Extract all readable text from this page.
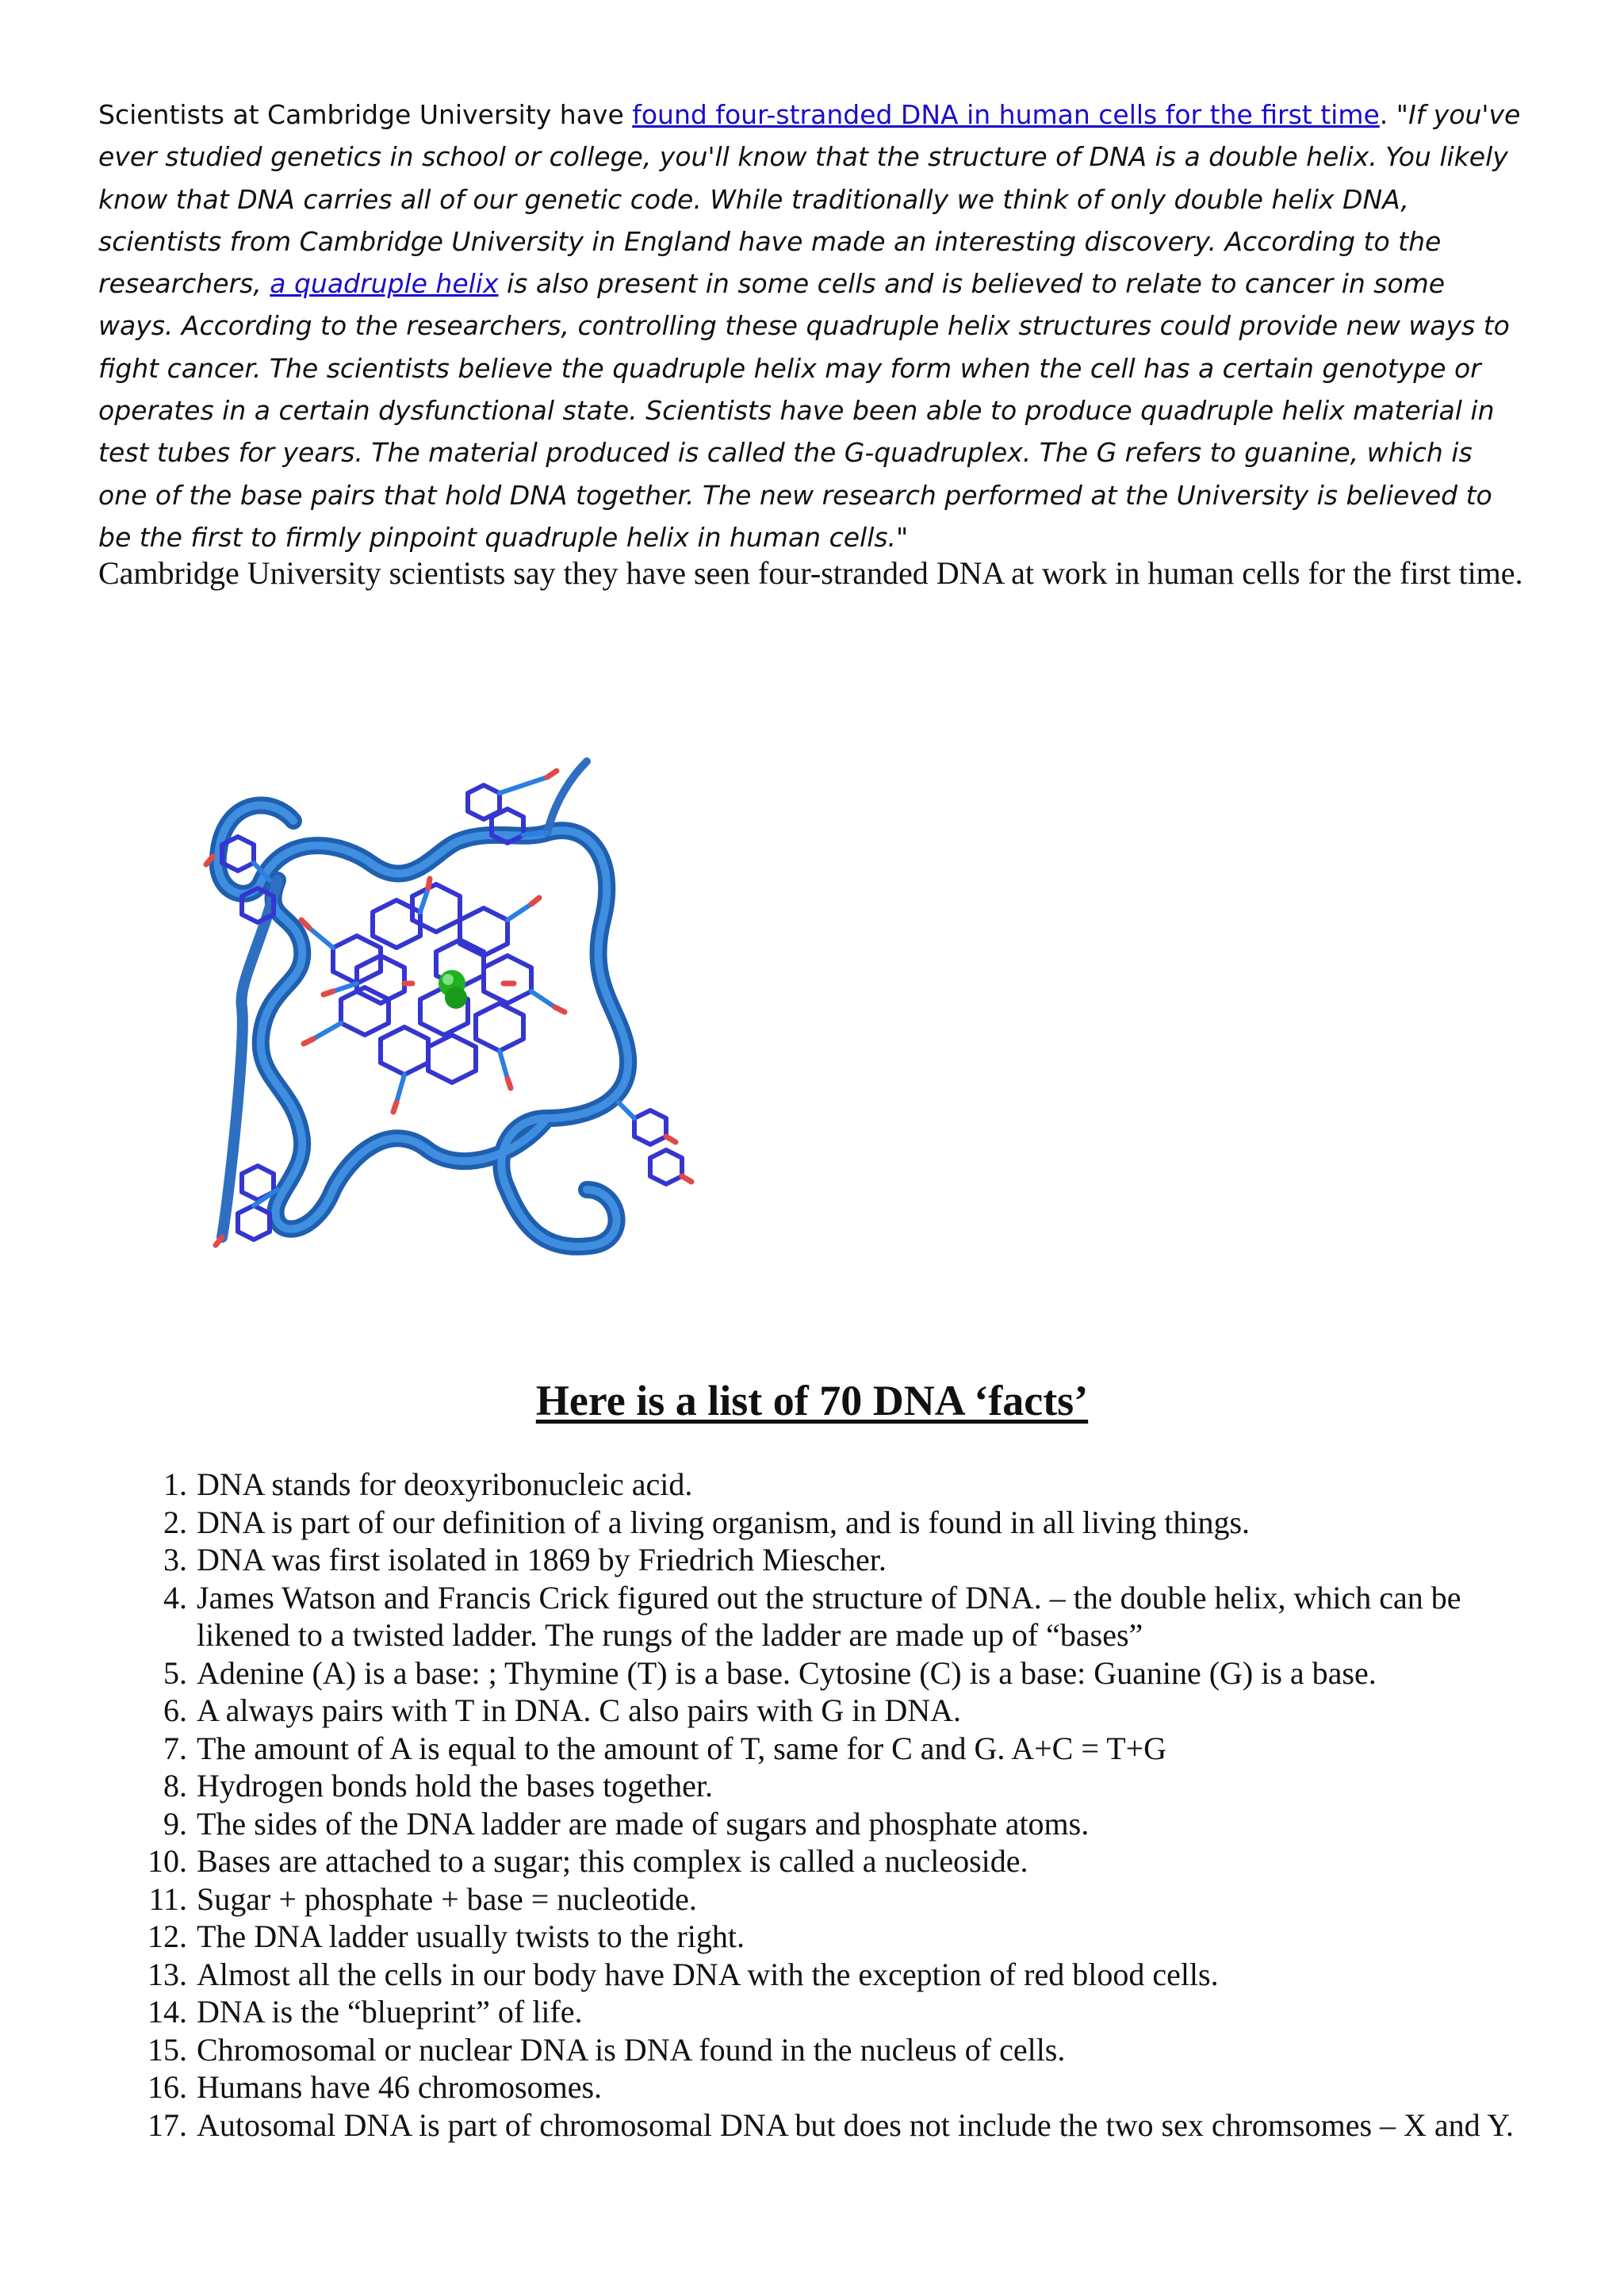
Scientists at Cambridge University have found four-stranded DNA in human cells for the first time. "If you've ever studied genetics in school or college, you'll know that the structure of DNA is a double helix. You likely know that DNA carries all of our genetic code. While traditionally we think of only double helix DNA, scientists from Cambridge University in England have made an interesting discovery. According to the researchers, a quadruple helix is also present in some cells and is believed to relate to cancer in some ways. According to the researchers, controlling these quadruple helix structures could provide new ways to fight cancer. The scientists believe the quadruple helix may form when the cell has a certain genotype or operates in a certain dysfunctional state. Scientists have been able to produce quadruple helix material in test tubes for years. The material produced is called the G-quadruplex. The G refers to guanine, which is one of the base pairs that hold DNA together. The new research performed at the University is believed to be the first to firmly pinpoint quadruple helix in human cells."

Cambridge University scientists say they have seen four-stranded DNA at work in human cells for the first time.

Here is a list of 70 DNA ‘facts’
1 . DNA stands for deoxyribonucleic acid.
2 . DNA is part of our definition of a living organism, and is found in all living things.
3 . DNA was first isolated in 1869 by Friedrich Miescher.
4 . James Watson and Francis Crick figured out the structure of DNA. – the double helix, which can be likened to a twisted ladder. The rungs of the ladder are made up of “bases”
5 . Adenine (A) is a base: ; Thymine (T) is a base. Cytosine (C) is a base: Guanine (G) is a base.
6 . A always pairs with T in DNA. C also pairs with G in DNA.
7 . The amount of A is equal to the amount of T, same for C and G. A+C = T+G
8 . Hydrogen bonds hold the bases together.
9 . The sides of the DNA ladder are made of sugars and phosphate atoms.
10 . Bases are attached to a sugar; this complex is called a nucleoside.
11 . Sugar + phosphate + base = nucleotide.
12 . The DNA ladder usually twists to the right.
13 . Almost all the cells in our body have DNA with the exception of red blood cells.
14 . DNA is the “blueprint” of life.
15 . Chromosomal or nuclear DNA is DNA found in the nucleus of cells.
16 . Humans have 46 chromosomes.
17 . Autosomal DNA is part of chromosomal DNA but does not include the two sex chromsomes – X and Y.
